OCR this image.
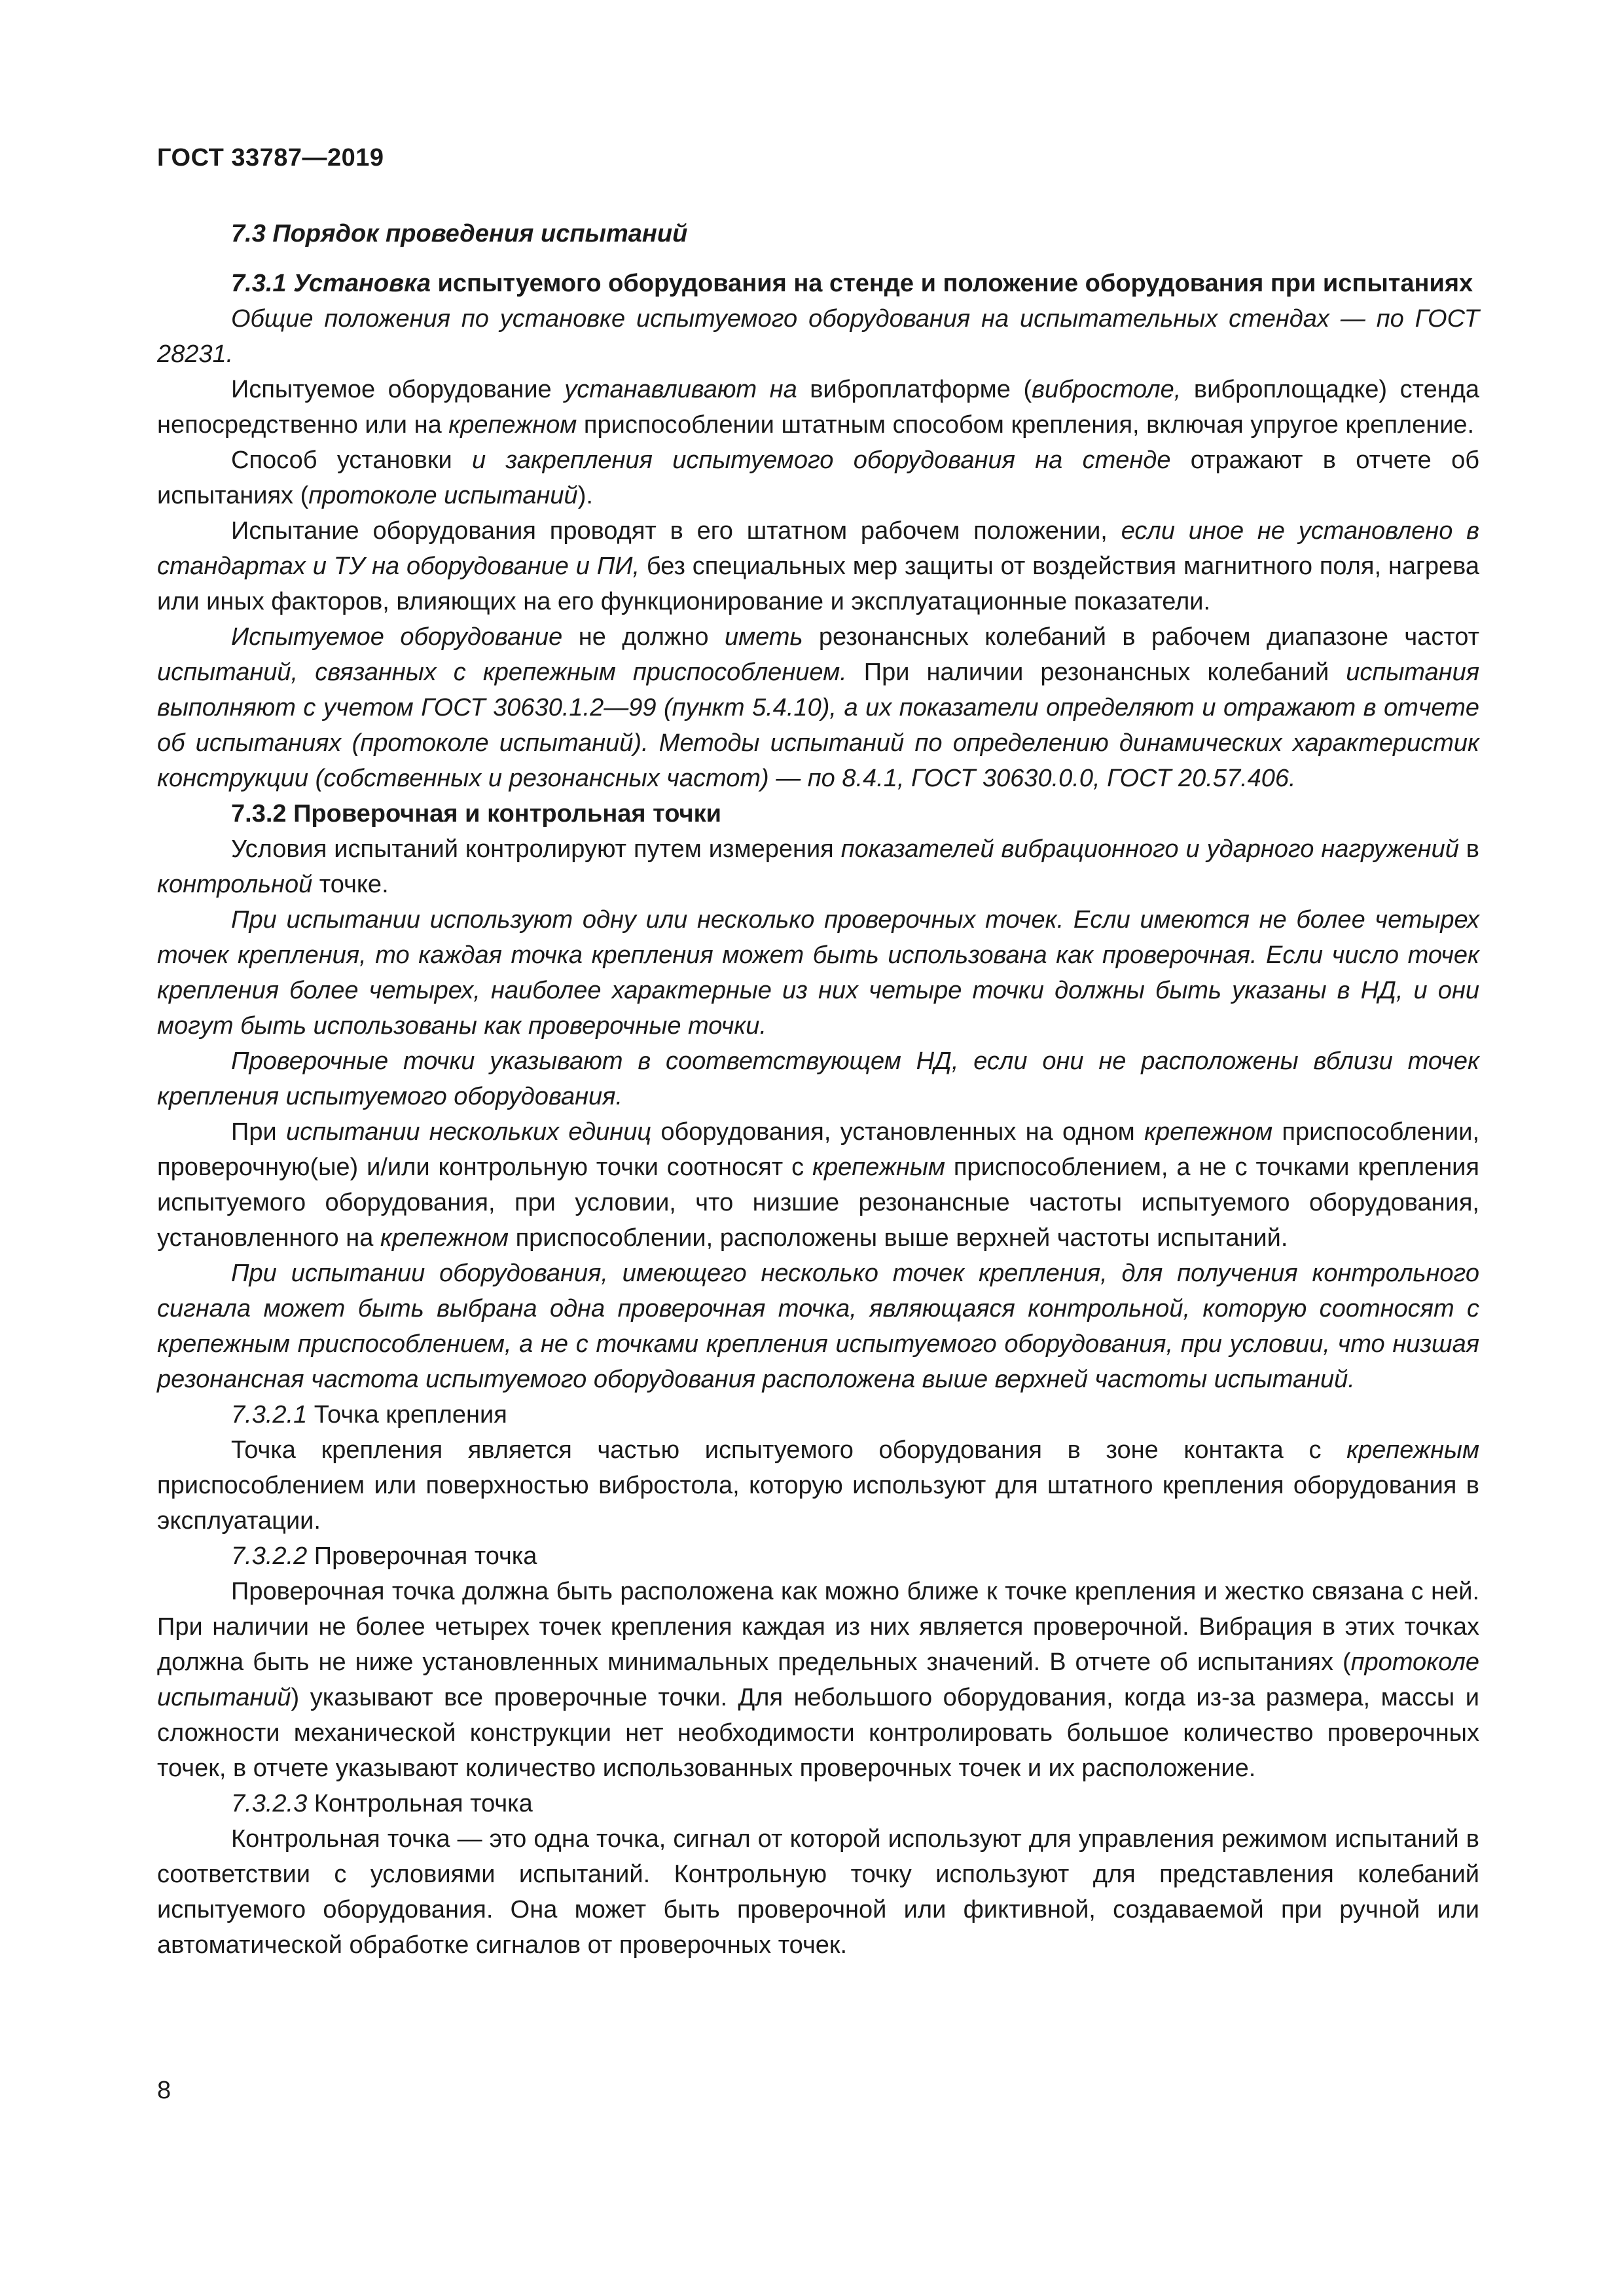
ГОСТ 33787—2019

7.3 Порядок проведения испытаний

7.3.1 Установка испытуемого оборудования на стенде и положение оборудования при испытаниях

Общие положения по установке испытуемого оборудования на испытательных стендах — по ГОСТ 28231.

Испытуемое оборудование устанавливают на виброплатформе (вибростоле, виброплощадке) стенда непосредственно или на крепежном приспособлении штатным способом крепления, включая упругое крепление.

Способ установки и закрепления испытуемого оборудования на стенде отражают в отчете об испытаниях (протоколе испытаний).

Испытание оборудования проводят в его штатном рабочем положении, если иное не установлено в стандартах и ТУ на оборудование и ПИ, без специальных мер защиты от воздействия магнитного поля, нагрева или иных факторов, влияющих на его функционирование и эксплуатационные показатели.

Испытуемое оборудование не должно иметь резонансных колебаний в рабочем диапазоне частот испытаний, связанных с крепежным приспособлением. При наличии резонансных колебаний испытания выполняют с учетом ГОСТ 30630.1.2—99 (пункт 5.4.10), а их показатели определяют и отражают в отчете об испытаниях (протоколе испытаний). Методы испытаний по определению динамических характеристик конструкции (собственных и резонансных частот) — по 8.4.1, ГОСТ 30630.0.0, ГОСТ 20.57.406.

7.3.2 Проверочная и контрольная точки

Условия испытаний контролируют путем измерения показателей вибрационного и ударного нагружений в контрольной точке.

При испытании используют одну или несколько проверочных точек. Если имеются не более четырех точек крепления, то каждая точка крепления может быть использована как проверочная. Если число точек крепления более четырех, наиболее характерные из них четыре точки должны быть указаны в НД, и они могут быть использованы как проверочные точки.

Проверочные точки указывают в соответствующем НД, если они не расположены вблизи точек крепления испытуемого оборудования.

При испытании нескольких единиц оборудования, установленных на одном крепежном приспособлении, проверочную(ые) и/или контрольную точки соотносят с крепежным приспособлением, а не с точками крепления испытуемого оборудования, при условии, что низшие резонансные частоты испытуемого оборудования, установленного на крепежном приспособлении, расположены выше верхней частоты испытаний.

При испытании оборудования, имеющего несколько точек крепления, для получения контрольного сигнала может быть выбрана одна проверочная точка, являющаяся контрольной, которую соотносят с крепежным приспособлением, а не с точками крепления испытуемого оборудования, при условии, что низшая резонансная частота испытуемого оборудования расположена выше верхней частоты испытаний.

7.3.2.1 Точка крепления

Точка крепления является частью испытуемого оборудования в зоне контакта с крепежным приспособлением или поверхностью вибростола, которую используют для штатного крепления оборудования в эксплуатации.

7.3.2.2 Проверочная точка

Проверочная точка должна быть расположена как можно ближе к точке крепления и жестко связана с ней. При наличии не более четырех точек крепления каждая из них является проверочной. Вибрация в этих точках должна быть не ниже установленных минимальных предельных значений. В отчете об испытаниях (протоколе испытаний) указывают все проверочные точки. Для небольшого оборудования, когда из-за размера, массы и сложности механической конструкции нет необходимости контролировать большое количество проверочных точек, в отчете указывают количество использованных проверочных точек и их расположение.

7.3.2.3 Контрольная точка

Контрольная точка — это одна точка, сигнал от которой используют для управления режимом испытаний в соответствии с условиями испытаний. Контрольную точку используют для представления колебаний испытуемого оборудования. Она может быть проверочной или фиктивной, создаваемой при ручной или автоматической обработке сигналов от проверочных точек.

8
